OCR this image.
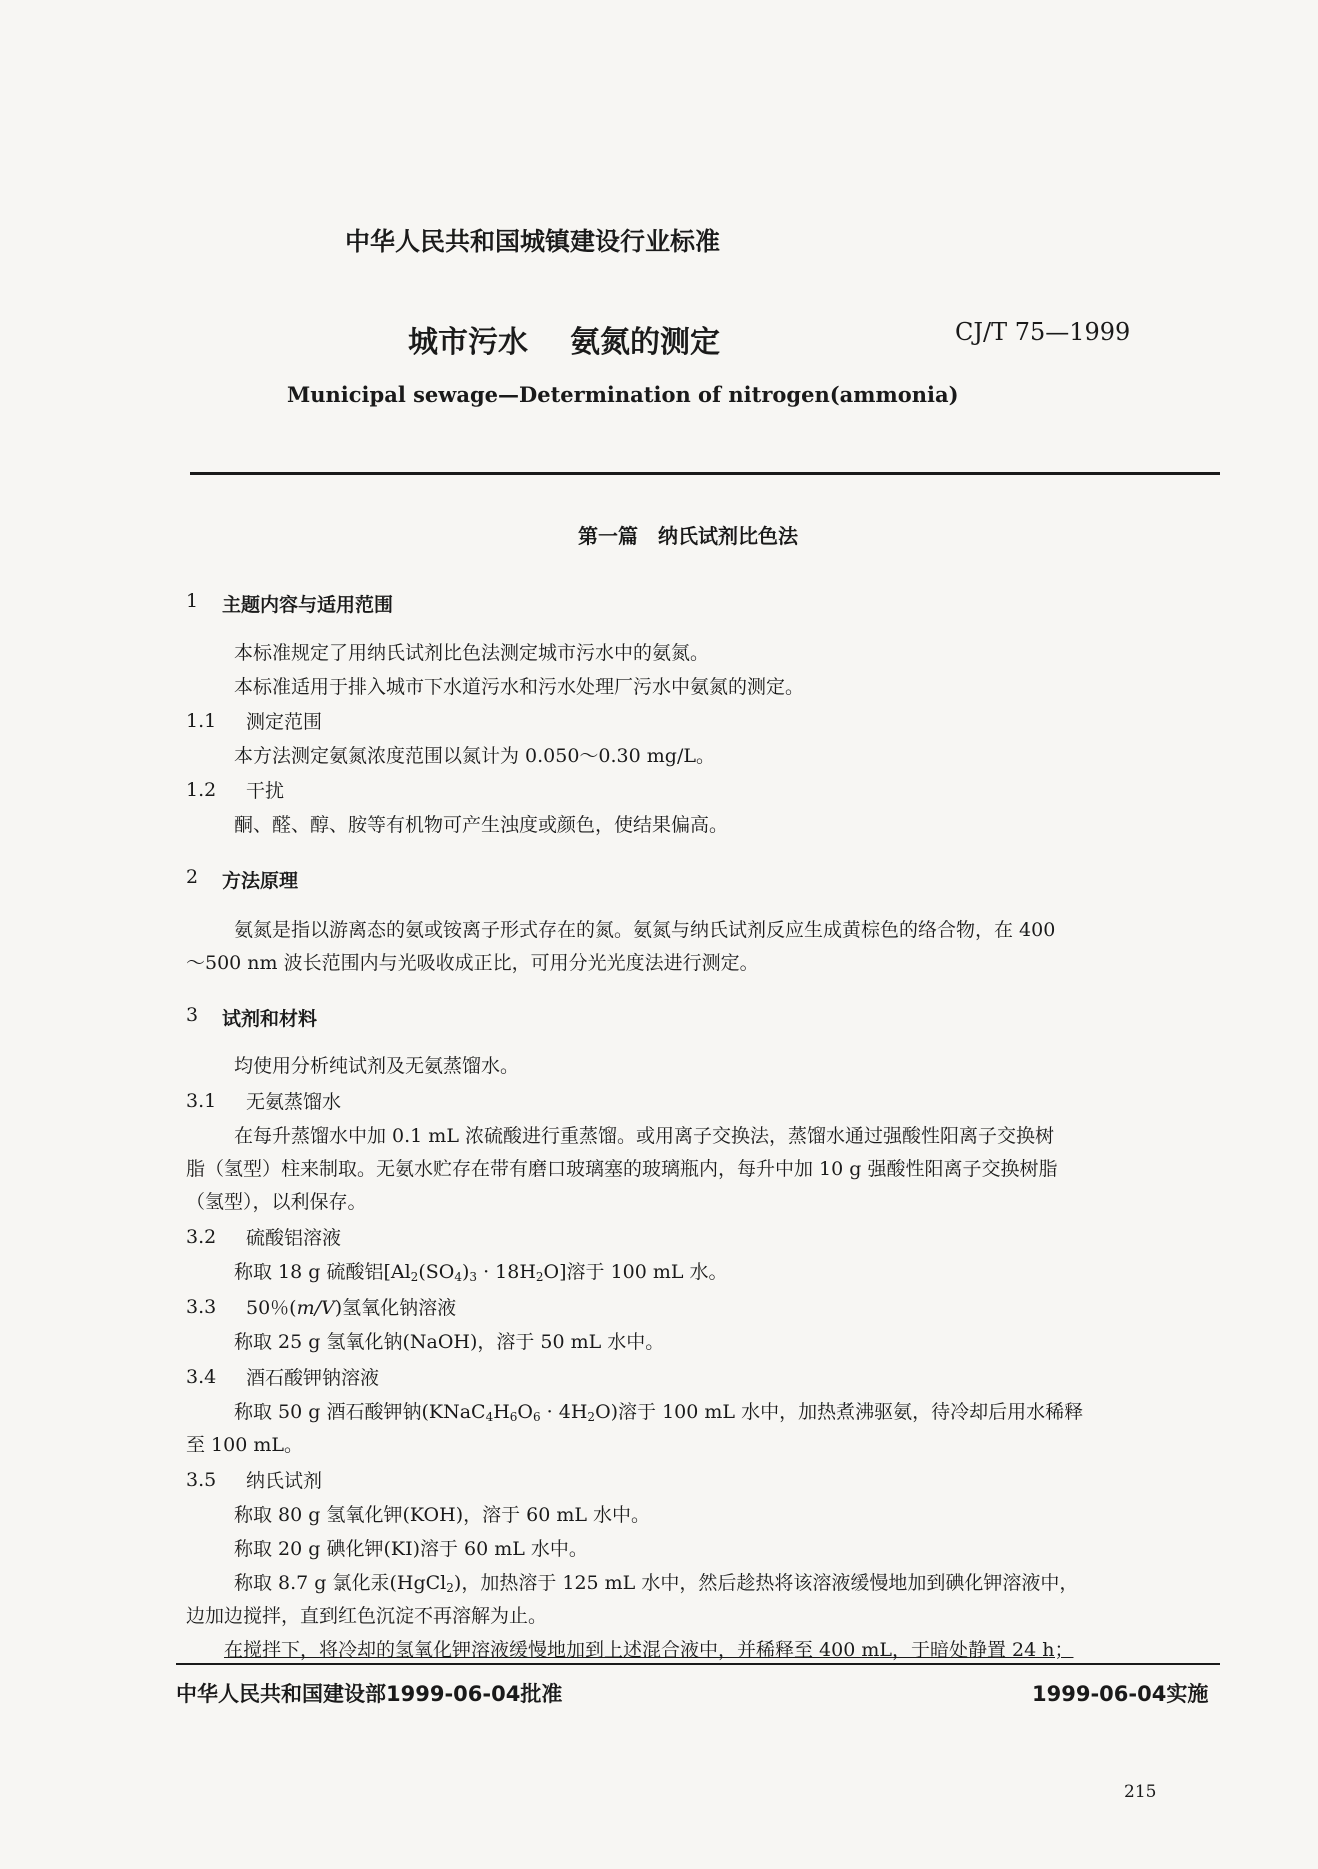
中华人民共和国城镇建设行业标准
城市污水 氨氮的测定	CJ/T 75—1999
Municipal sewage—Determination of nitrogen(ammonia)
第一篇　纳氏试剂比色法
1 主题内容与适用范围
本标准规定了用纳氏试剂比色法测定城市污水中的氨氮。
本标准适用于排入城市下水道污水和污水处理厂污水中氨氮的测定。
1.1 测定范围
本方法测定氨氮浓度范围以氮计为 0.050～0.30 mg/L。
1.2 干扰
酮、醛、醇、胺等有机物可产生浊度或颜色，使结果偏高。
2 方法原理
氨氮是指以游离态的氨或铵离子形式存在的氮。氨氮与纳氏试剂反应生成黄棕色的络合物，在 400
～500 nm 波长范围内与光吸收成正比，可用分光光度法进行测定。
3 试剂和材料
均使用分析纯试剂及无氨蒸馏水。
3.1 无氨蒸馏水
在每升蒸馏水中加 0.1 mL 浓硫酸进行重蒸馏。或用离子交换法，蒸馏水通过强酸性阳离子交换树
脂（氢型）柱来制取。无氨水贮存在带有磨口玻璃塞的玻璃瓶内，每升中加 10 g 强酸性阳离子交换树脂
（氢型），以利保存。
3.2 硫酸铝溶液
称取 18 g 硫酸铝$[Al_2(SO_4)_3 \cdot 18H_2O]$溶于 100 mL 水。
3.3 50％(m/V)氢氧化钠溶液
称取 25 g 氢氧化钠(NaOH)，溶于 50 mL 水中。
3.4 酒石酸钾钠溶液
称取 50 g 酒石酸钾钠$(KNaC_4H_6O_6 \cdot 4H_2O)$溶于 100 mL 水中，加热煮沸驱氨，待冷却后用水稀释
至 100 mL。
3.5 纳氏试剂
称取 80 g 氢氧化钾(KOH)，溶于 60 mL 水中。
称取 20 g 碘化钾(KI)溶于 60 mL 水中。
称取 8.7 g 氯化汞(HgCl$_2$)，加热溶于 125 mL 水中，然后趁热将该溶液缓慢地加到碘化钾溶液中，
边加边搅拌，直到红色沉淀不再溶解为止。
在搅拌下，将冷却的氢氧化钾溶液缓慢地加到上述混合液中，并稀释至 400 mL，于暗处静置 24 h；
中华人民共和国建设部1999-06-04批准	1999-06-04实施
215
